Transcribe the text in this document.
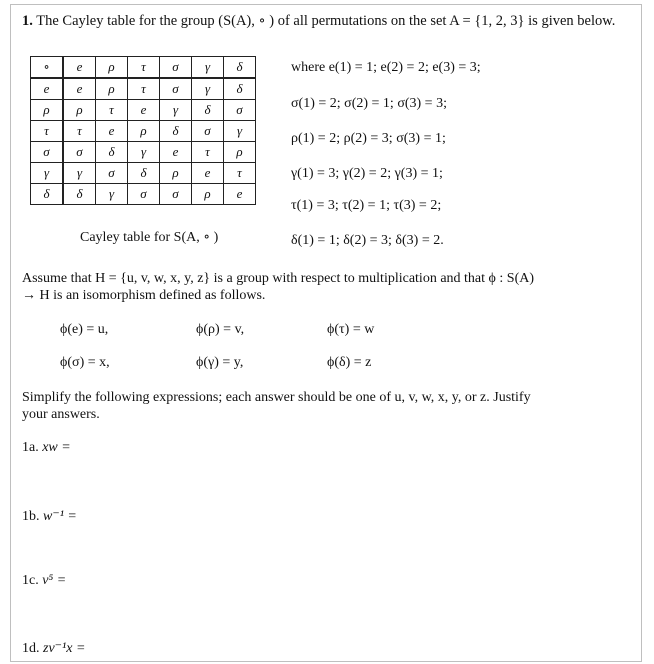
1. The Cayley table for the group (S(A), ∘ ) of all permutations on the set A = {1, 2, 3} is given below.
∘	e	ρ	τ	σ	γ	δ
e	e	ρ	τ	σ	γ	δ
ρ	ρ	τ	e	γ	δ	σ
τ	τ	e	ρ	δ	σ	γ
σ	σ	δ	γ	e	τ	ρ
γ	γ	σ	δ	ρ	e	τ
δ	δ	γ	σ	σ	ρ	e
Cayley table for S(A, ∘ )
where e(1) = 1; e(2) = 2; e(3) = 3;
σ(1) = 2; σ(2) = 1; σ(3) = 3;
ρ(1) = 2; ρ(2) = 3; σ(3) = 1;
γ(1) = 3; γ(2) = 2; γ(3) = 1;
τ(1) = 3; τ(2) = 1; τ(3) = 2;
δ(1) = 1; δ(2) = 3; δ(3) = 2.
Assume that H = {u, v, w, x, y, z} is a group with respect to multiplication and that ϕ : S(A) → H is an isomorphism defined as follows.
ϕ(e) = u,	ϕ(ρ) = v,	ϕ(τ) = w
ϕ(σ) = x,	ϕ(γ) = y,	ϕ(δ) = z
Simplify the following expressions; each answer should be one of u, v, w, x, y, or z. Justify your answers.
1a. xw =
1b. w⁻¹ =
1c. v⁵ =
1d. zv⁻¹x =
